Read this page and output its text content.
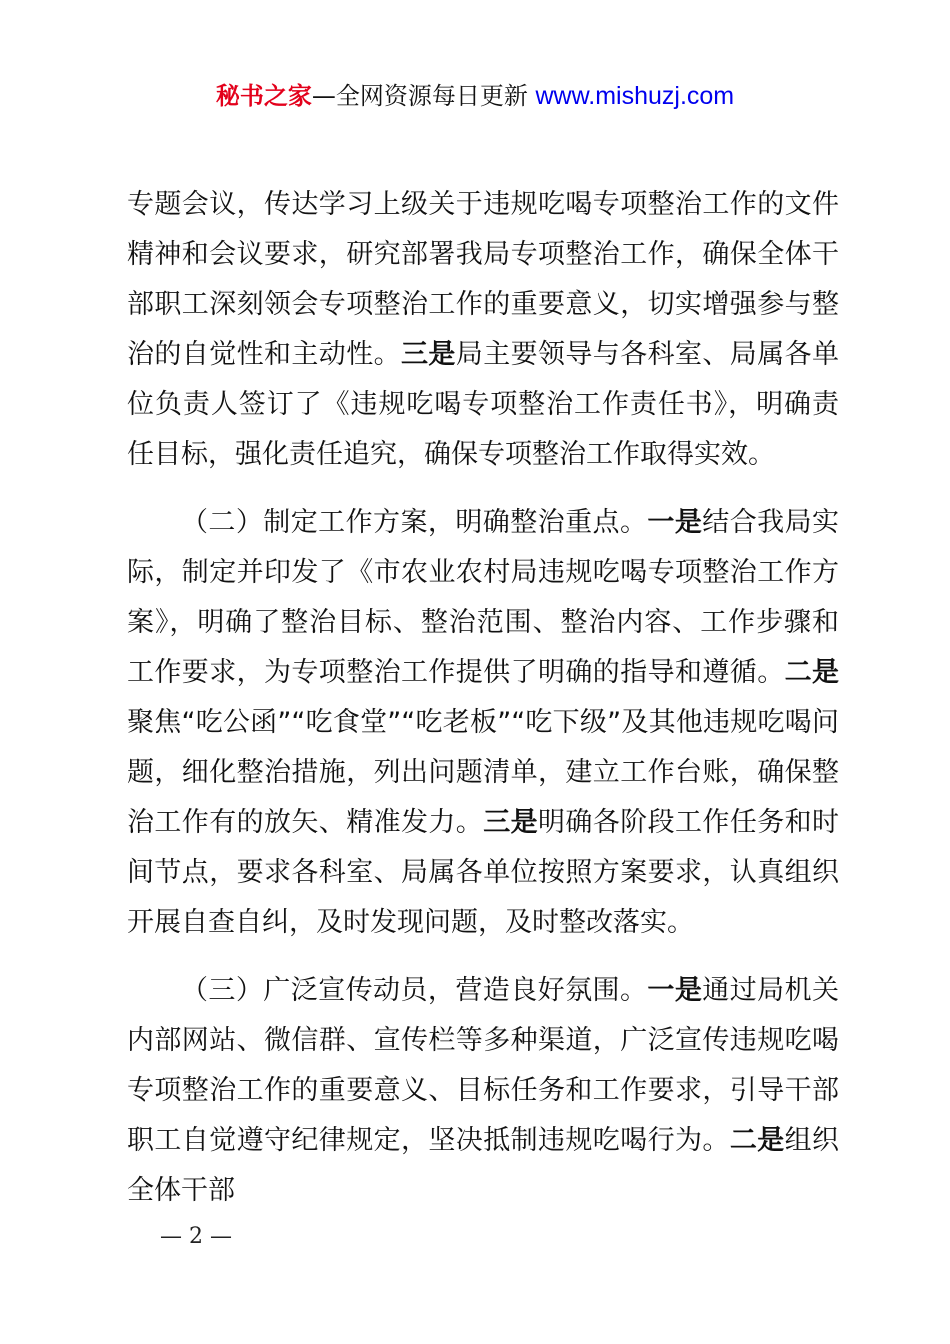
秘书之家—全网资源每日更新 www.mishuzj.com

专题会议，传达学习上级关于违规吃喝专项整治工作的文件精神和会议要求，研究部署我局专项整治工作，确保全体干部职工深刻领会专项整治工作的重要意义，切实增强参与整治的自觉性和主动性。三是局主要领导与各科室、局属各单位负责人签订了《违规吃喝专项整治工作责任书》，明确责任目标，强化责任追究，确保专项整治工作取得实效。

（二）制定工作方案，明确整治重点。一是结合我局实际，制定并印发了《市农业农村局违规吃喝专项整治工作方案》，明确了整治目标、整治范围、整治内容、工作步骤和工作要求，为专项整治工作提供了明确的指导和遵循。二是聚焦“吃公函”“吃食堂”“吃老板”“吃下级”及其他违规吃喝问题，细化整治措施，列出问题清单，建立工作台账，确保整治工作有的放矢、精准发力。三是明确各阶段工作任务和时间节点，要求各科室、局属各单位按照方案要求，认真组织开展自查自纠，及时发现问题，及时整改落实。

（三）广泛宣传动员，营造良好氛围。一是通过局机关内部网站、微信群、宣传栏等多种渠道，广泛宣传违规吃喝专项整治工作的重要意义、目标任务和工作要求，引导干部职工自觉遵守纪律规定，坚决抵制违规吃喝行为。二是组织全体干部

— 2 —
